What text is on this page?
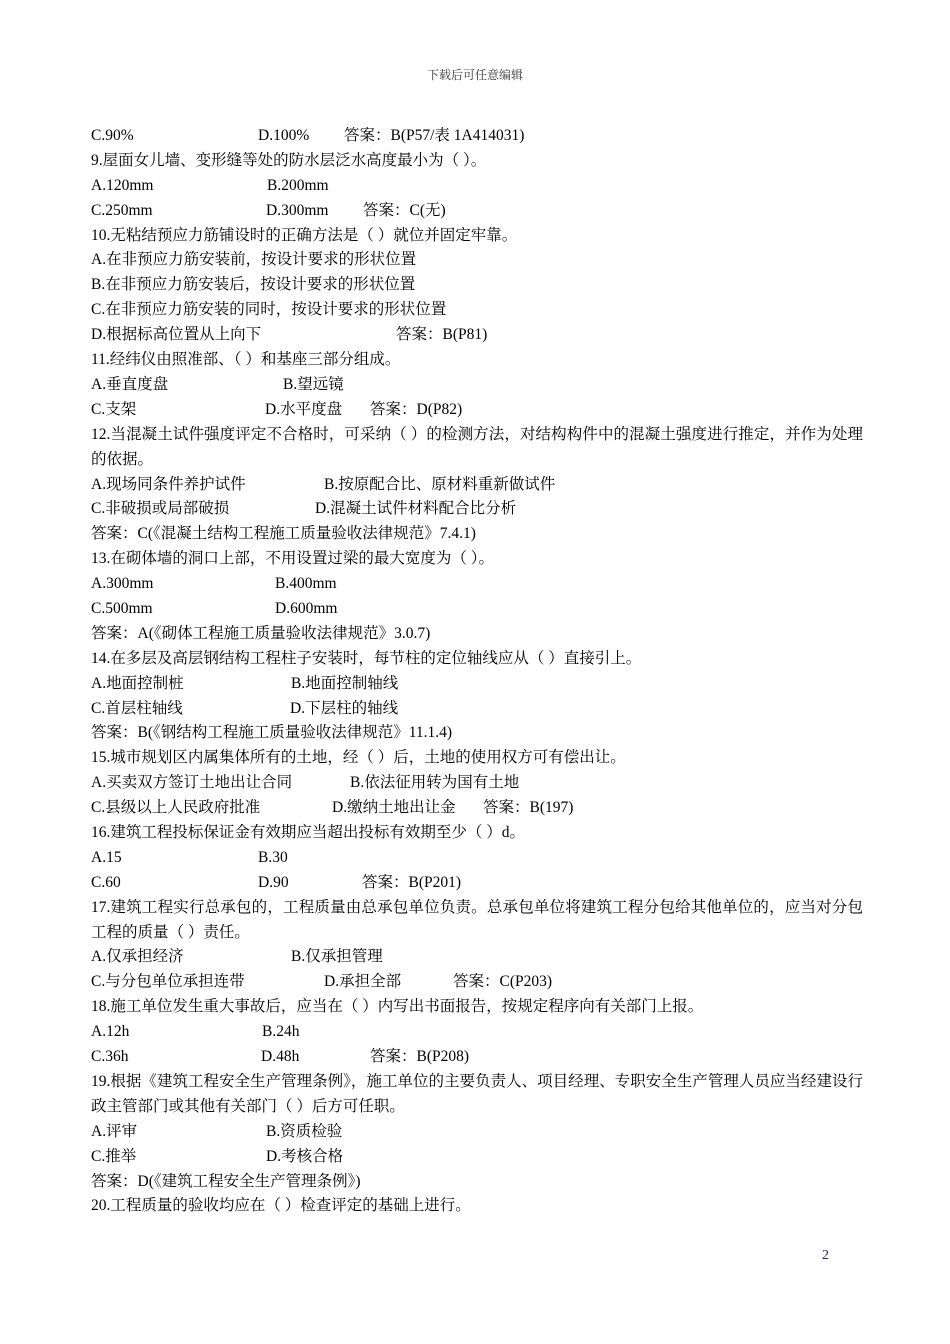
下载后可任意编辑
C.90%	D.100% 答案：B(P57/表 1A414031)
9.屋面女儿墙、变形缝等处的防水层泛水高度最小为（ ）。
A.120mm	B.200mm
C.250mm	D.300mm 答案：C(无)
10.无粘结预应力筋铺设时的正确方法是（ ）就位并固定牢靠。
A.在非预应力筋安装前，按设计要求的形状位置
B.在非预应力筋安装后，按设计要求的形状位置
C.在非预应力筋安装的同时，按设计要求的形状位置
D.根据标高位置从上向下	答案：B(P81)
11.经纬仪由照准部、（ ）和基座三部分组成。
A.垂直度盘	B.望远镜
C.支架	D.水平度盘 答案：D(P82)
12.当混凝土试件强度评定不合格时，可采纳（ ）的检测方法，对结构构件中的混凝土强度进行推定，并作为处理的依据。
A.现场同条件养护试件	B.按原配合比、原材料重新做试件
C.非破损或局部破损	D.混凝土试件材料配合比分析
答案：C(《混凝土结构工程施工质量验收法律规范》7.4.1)
13.在砌体墙的洞口上部，不用设置过梁的最大宽度为（ ）。
A.300mm	B.400mm
C.500mm	D.600mm
答案：A(《砌体工程施工质量验收法律规范》3.0.7)
14.在多层及高层钢结构工程柱子安装时，每节柱的定位轴线应从（ ）直接引上。
A.地面控制桩	B.地面控制轴线
C.首层柱轴线	D.下层柱的轴线
答案：B(《钢结构工程施工质量验收法律规范》11.1.4)
15.城市规划区内属集体所有的土地，经（ ）后，土地的使用权方可有偿出让。
A.买卖双方签订土地出让合同	B.依法征用转为国有土地
C.县级以上人民政府批准	D.缴纳土地出让金 答案：B(197)
16.建筑工程投标保证金有效期应当超出投标有效期至少（ ）d。
A.15	B.30
C.60	D.90	答案：B(P201)
17.建筑工程实行总承包的，工程质量由总承包单位负责。总承包单位将建筑工程分包给其他单位的，应当对分包工程的质量（ ）责任。
A.仅承担经济	B.仅承担管理
C.与分包单位承担连带	D.承担全部	答案：C(P203)
18.施工单位发生重大事故后，应当在（ ）内写出书面报告，按规定程序向有关部门上报。
A.12h	B.24h
C.36h	D.48h	答案：B(P208)
19.根据《建筑工程安全生产管理条例》，施工单位的主要负责人、项目经理、专职安全生产管理人员应当经建设行政主管部门或其他有关部门（ ）后方可任职。
A.评审	B.资质检验
C.推举	D.考核合格
答案：D(《建筑工程安全生产管理条例》)
20.工程质量的验收均应在（ ）检查评定的基础上进行。
2
